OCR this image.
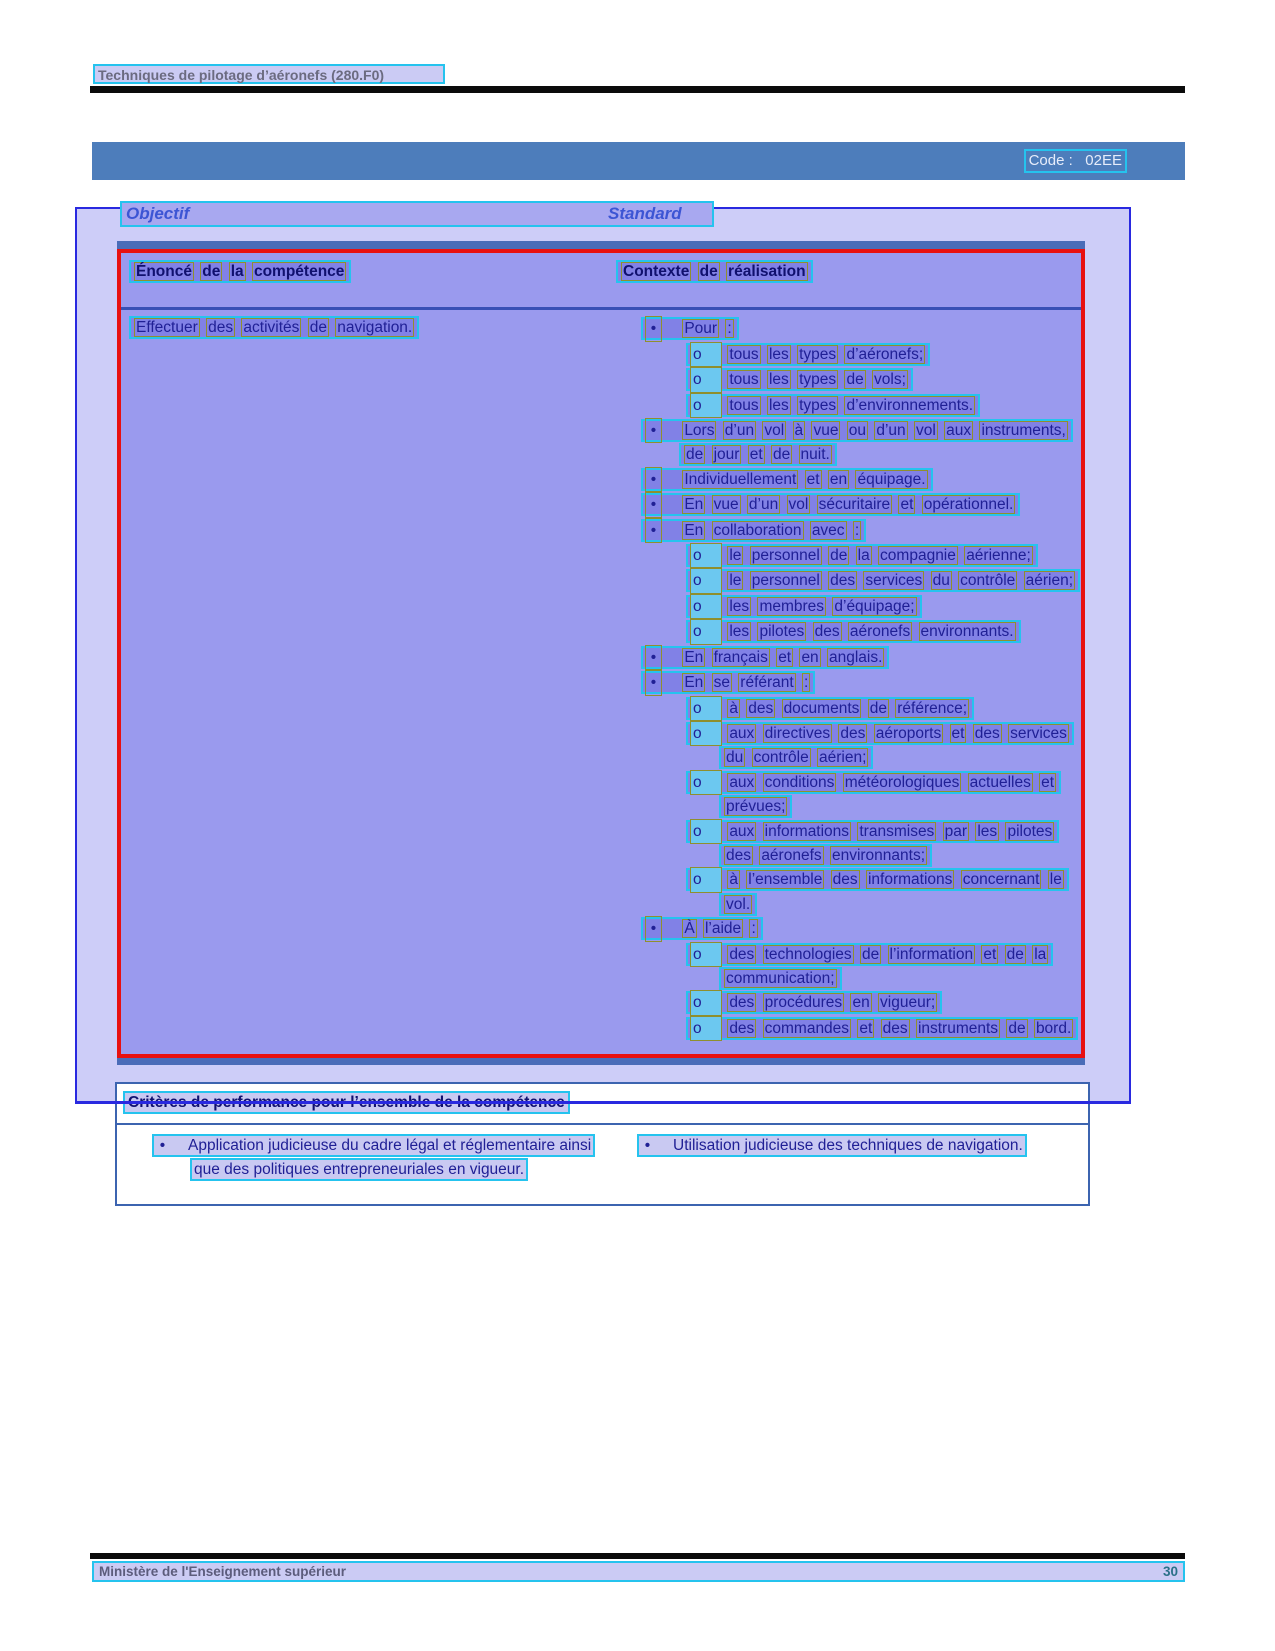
Techniques de pilotage d’aéronefs (280.F0)
Code :   02EE
Objectif	Standard
Énoncé de la compétence	Contexte de réalisation
Effectuer des activités de navigation.	• Pour :
o tous les types d’aéronefs;
o tous les types de vols;
o tous les types d’environnements.
• Lors d’un vol à vue ou d’un vol aux instruments, de jour et de nuit.
• Individuellement et en équipage.
• En vue d’un vol sécuritaire et opérationnel.
• En collaboration avec :
o le personnel de la compagnie aérienne;
o le personnel des services du contrôle aérien;
o les membres d’équipage;
o les pilotes des aéronefs environnants.
• En français et en anglais.
• En se référant :
o à des documents de référence;
o aux directives des aéroports et des services du contrôle aérien;
o aux conditions météorologiques actuelles et prévues;
o aux informations transmises par les pilotes des aéronefs environnants;
o à l’ensemble des informations concernant le vol.
• À l’aide :
o des technologies de l’information et de la communication;
o des procédures en vigueur;
o des commandes et des instruments de bord.
• Application judicieuse du cadre légal et réglementaire ainsi que des politiques entrepreneuriales en vigueur.
• Utilisation judicieuse des techniques de navigation.
Ministère de l'Enseignement supérieur	30
